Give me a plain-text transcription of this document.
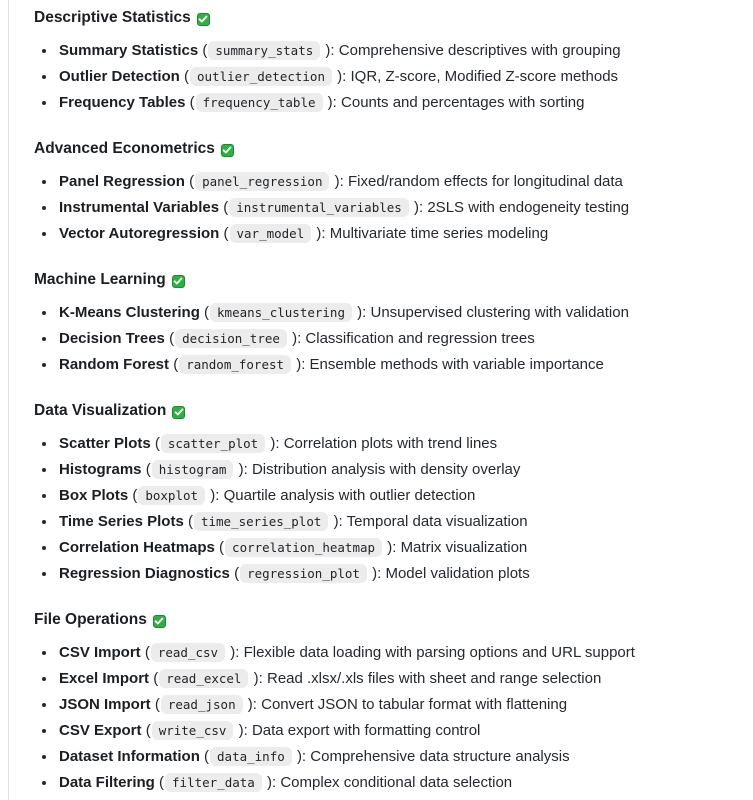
Descriptive Statistics
• Summary Statistics ( summary_stats ): Comprehensive descriptives with grouping
• Outlier Detection ( outlier_detection ): IQR, Z-score, Modified Z-score methods
• Frequency Tables ( frequency_table ): Counts and percentages with sorting
Advanced Econometrics
• Panel Regression ( panel_regression ): Fixed/random effects for longitudinal data
• Instrumental Variables ( instrumental_variables ): 2SLS with endogeneity testing
• Vector Autoregression ( var_model ): Multivariate time series modeling
Machine Learning
• K-Means Clustering ( kmeans_clustering ): Unsupervised clustering with validation
• Decision Trees ( decision_tree ): Classification and regression trees
• Random Forest ( random_forest ): Ensemble methods with variable importance
Data Visualization
• Scatter Plots ( scatter_plot ): Correlation plots with trend lines
• Histograms ( histogram ): Distribution analysis with density overlay
• Box Plots ( boxplot ): Quartile analysis with outlier detection
• Time Series Plots ( time_series_plot ): Temporal data visualization
• Correlation Heatmaps ( correlation_heatmap ): Matrix visualization
• Regression Diagnostics ( regression_plot ): Model validation plots
File Operations
• CSV Import ( read_csv ): Flexible data loading with parsing options and URL support
• Excel Import ( read_excel ): Read .xlsx/.xls files with sheet and range selection
• JSON Import ( read_json ): Convert JSON to tabular format with flattening
• CSV Export ( write_csv ): Data export with formatting control
• Dataset Information ( data_info ): Comprehensive data structure analysis
• Data Filtering ( filter_data ): Complex conditional data selection
